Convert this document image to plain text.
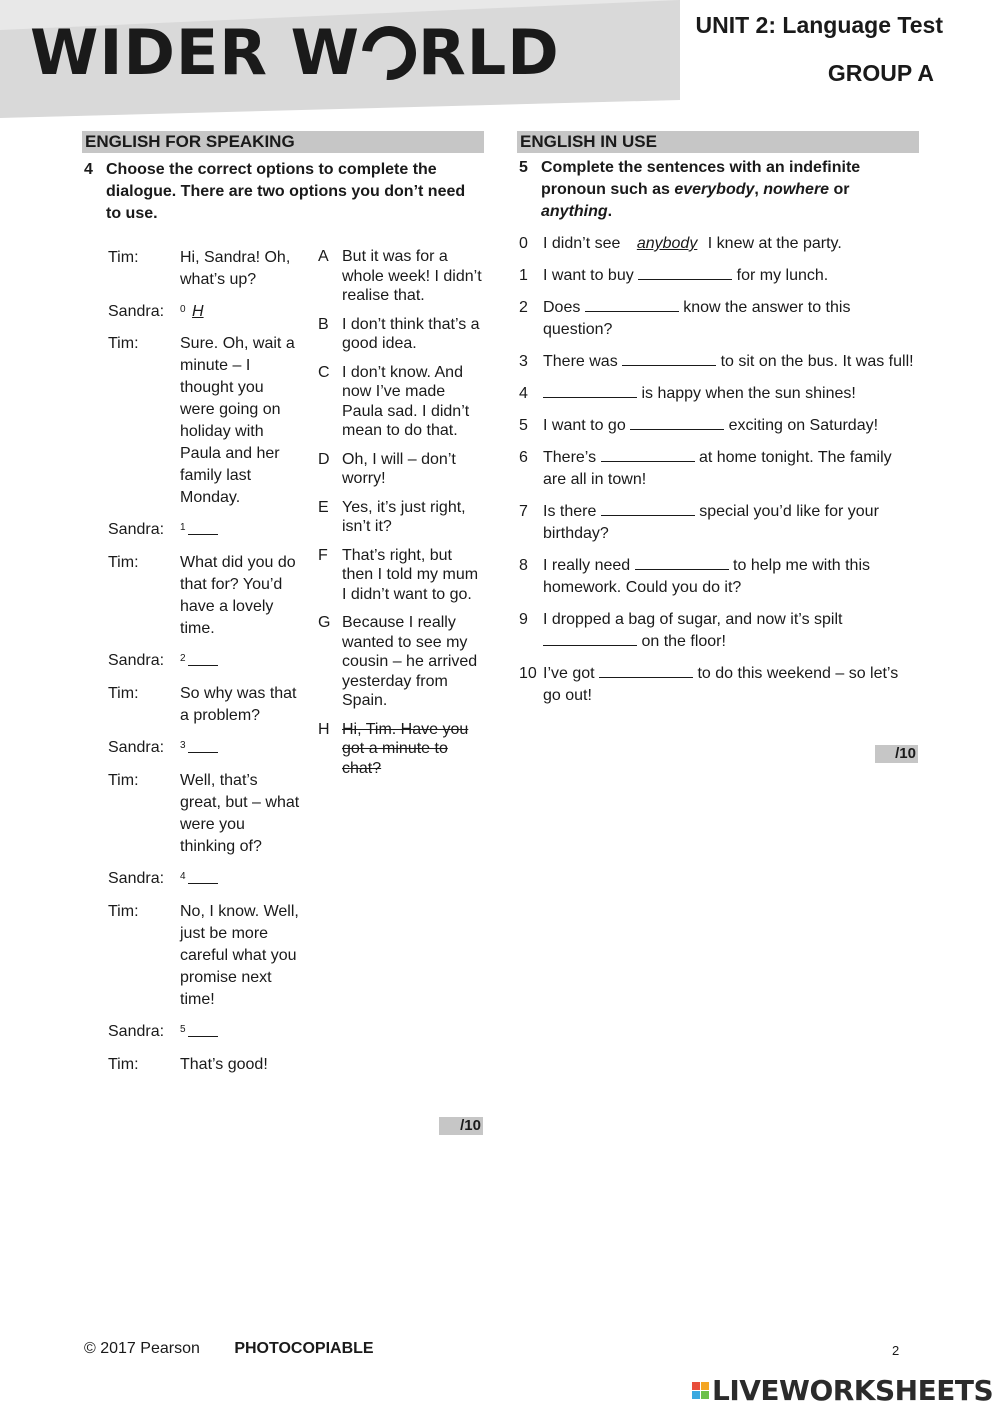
WIDER W RLD	UNIT 2: Language Test
GROUP A
ENGLISH FOR SPEAKING
4 Choose the correct options to complete the dialogue. There are two options you don’t need to use.
Tim:	Hi, Sandra! Oh, what’s up?
Sandra:	$^0$ H
Tim:	Sure. Oh, wait a minute – I thought you were going on holiday with Paula and her family last Monday.
Sandra:	$^1$
Tim:	What did you do that for? You’d have a lovely time.
Sandra:	$^2$
Tim:	So why was that a problem?
Sandra:	$^3$
Tim:	Well, that’s great, but – what were you thinking of?
Sandra:	$^4$
Tim:	No, I know. Well, just be more careful what you promise next time!
Sandra:	$^5$
Tim:	That’s good!
A But it was for a whole week! I didn’t realise that.
B I don’t think that’s a good idea.
C I don’t know. And now I’ve made Paula sad. I didn’t mean to do that.
D Oh, I will – don’t worry!
E Yes, it’s just right, isn’t it?
F That’s right, but then I told my mum I didn’t want to go.
G Because I really wanted to see my cousin – he arrived yesterday from Spain.
H Hi, Tim. Have you got a minute to chat?
/10
ENGLISH IN USE
5 Complete the sentences with an indefinite pronoun such as everybody, nowhere or anything.
0 I didn’t see anybody I knew at the party.
1 I want to buy	for my lunch.
2 Does	know the answer to this question?
3 There was	to sit on the bus. It was full!
4	is happy when the sun shines!
5 I want to go	exciting on Saturday!
6 There’s	at home tonight. The family are all in town!
7 Is there	special you’d like for your birthday?
8 I really need	to help me with this homework. Could you do it?
9 I dropped a bag of sugar, and now it’s spilt  on the floor!
10 I’ve got	to do this weekend – so let’s go out!
/10
© 2017 Pearson PHOTOCOPIABLE	2
LIVEWORKSHEETS
